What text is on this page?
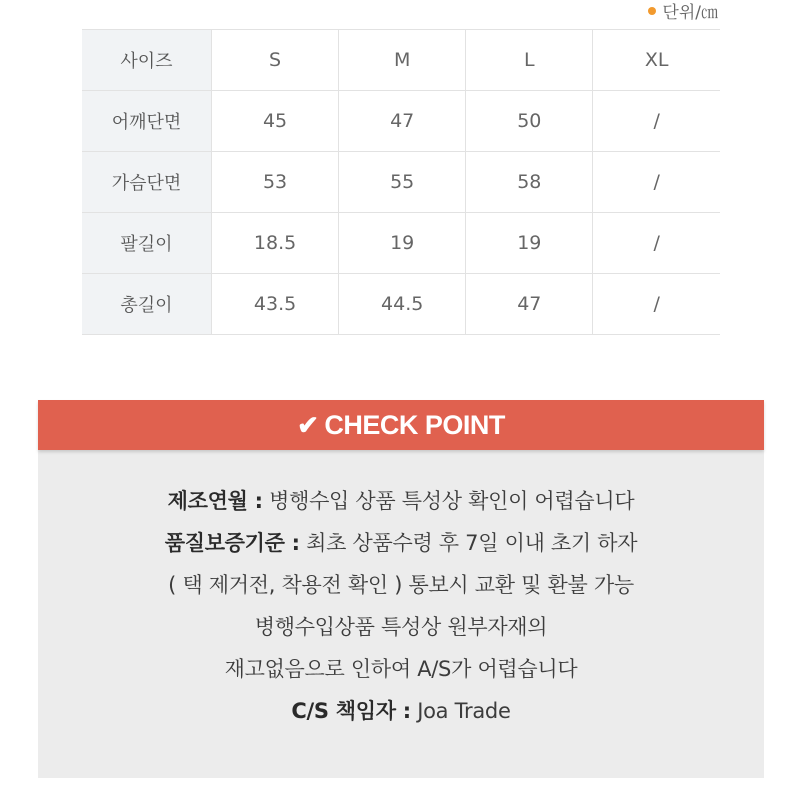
단위/㎝
사이즈	S	M	L	XL
어깨단면	45	47	50	/
가슴단면	53	55	58	/
팔길이	18.5	19	19	/
총길이	43.5	44.5	47	/
✔ CHECK POINT
제조연월 : 병행수입 상품 특성상 확인이 어렵습니다
품질보증기준 : 최초 상품수령 후 7일 이내 초기 하자
( 택 제거전, 착용전 확인 ) 통보시 교환 및 환불 가능
병행수입상품 특성상 원부자재의
재고없음으로 인하여 A/S가 어렵습니다
C/S 책임자 : Joa Trade
